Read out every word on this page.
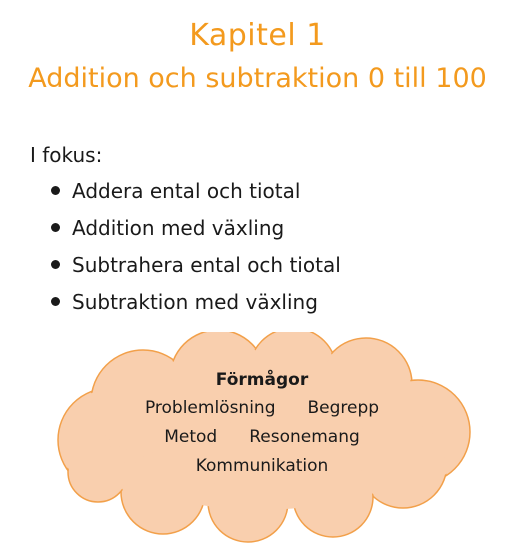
Kapitel 1
Addition och subtraktion 0 till 100
I fokus:
Addera ental och tiotal
Addition med växling
Subtrahera ental och tiotal
Subtraktion med växling
Förmågor
Problemlösning Begrepp
Metod Resonemang
Kommunikation
